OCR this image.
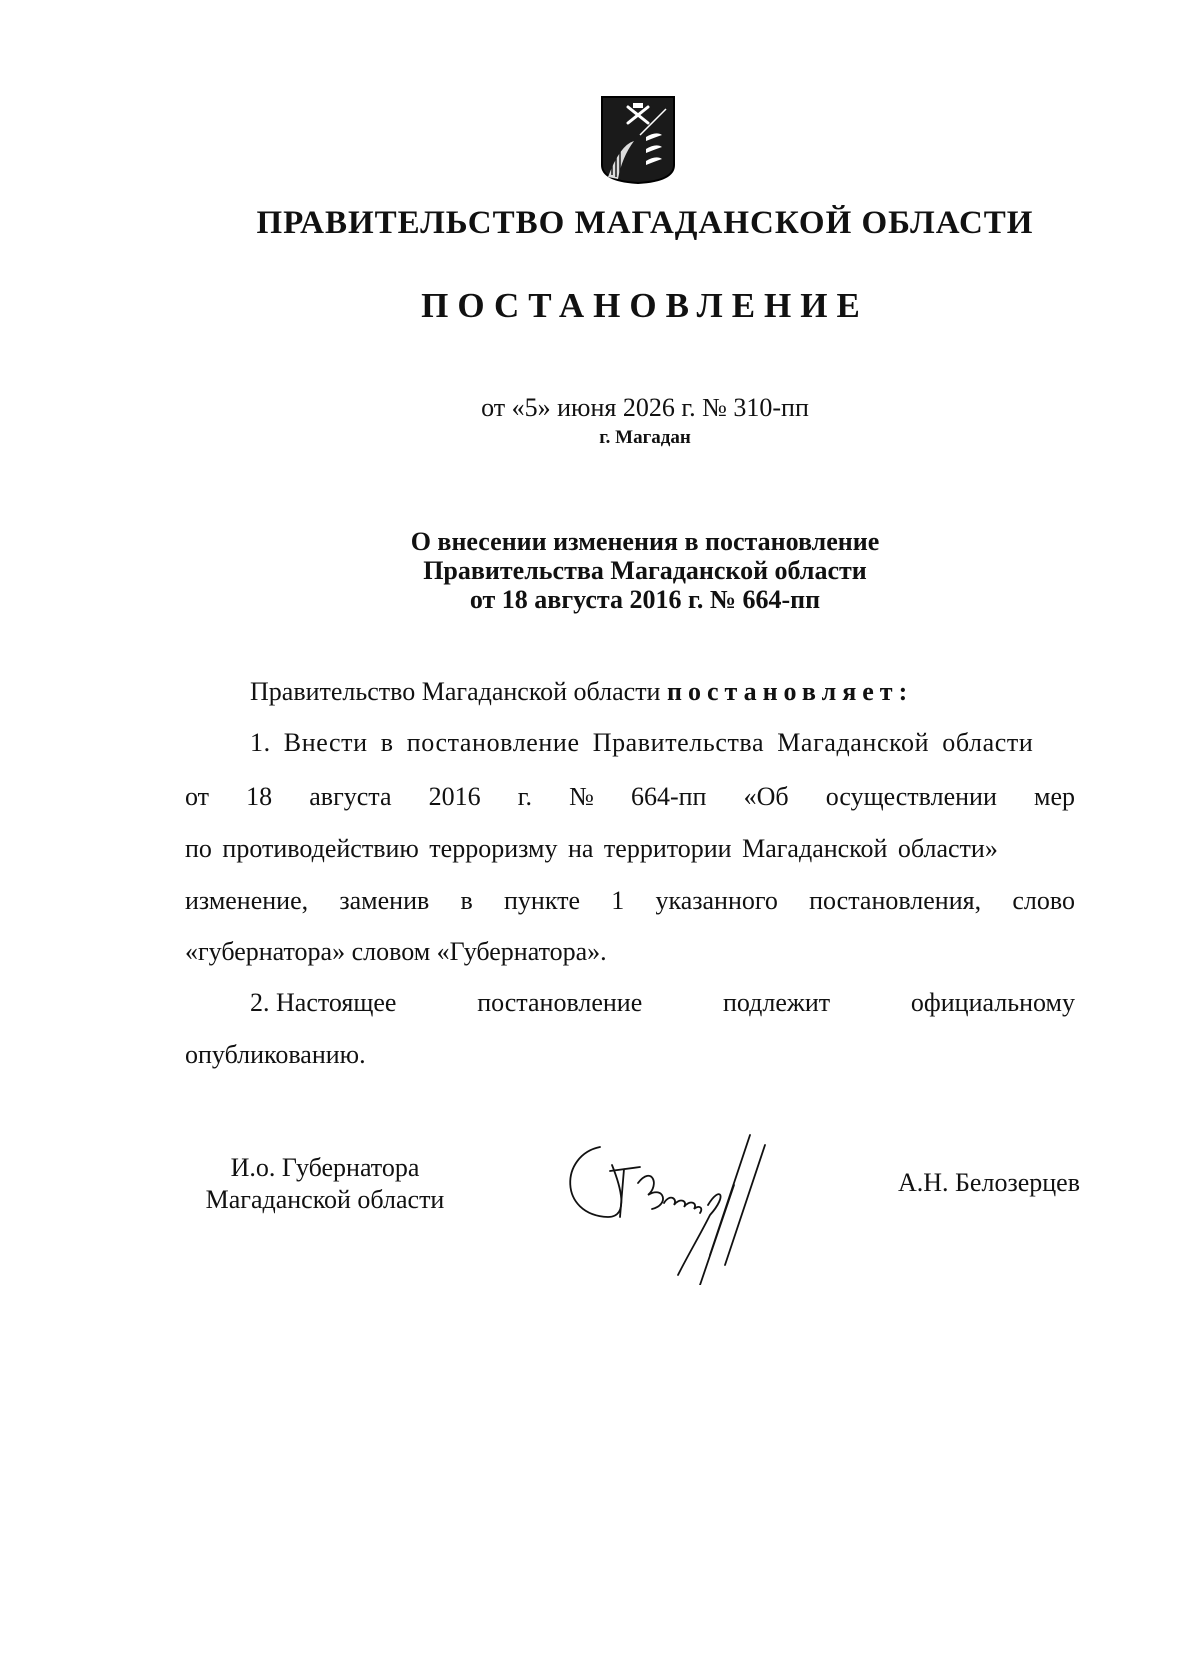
ПРАВИТЕЛЬСТВО МАГАДАНСКОЙ ОБЛАСТИ
ПОСТАНОВЛЕНИЕ
от «5» июня 2026 г. № 310-пп
г. Магадан
О внесении изменения в постановление
Правительства Магаданской области
от 18 августа 2016 г. № 664-пп
Правительство Магаданской области постановляет:
1. Внести в постановление Правительства Магаданской области
от 18 августа 2016 г. № 664-пп «Об осуществлении мер
по противодействию терроризму на территории Магаданской области»
изменение, заменив в пункте 1 указанного постановления, слово
«губернатора» словом «Губернатора».
2. Настоящее	постановление	подлежит	официальному
опубликованию.
И.о. Губернатора
Магаданской области
А.Н. Белозерцев
